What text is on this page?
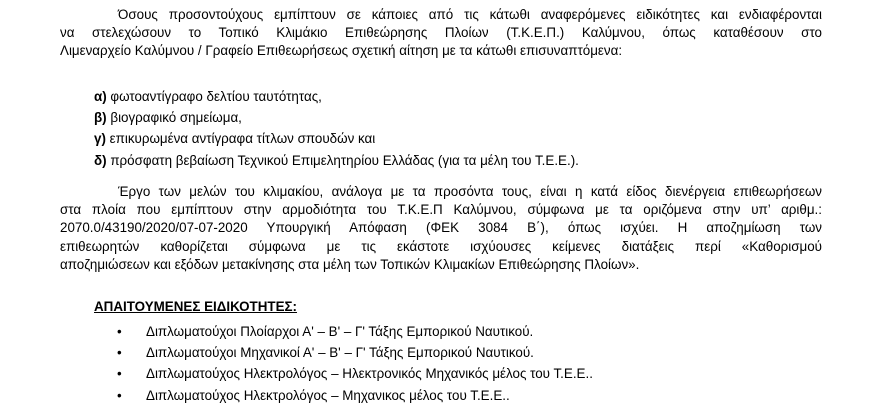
Όσους προσοντούχους εμπίπτουν σε κάποιες από τις κάτωθι αναφερόμενες ειδικότητες και ενδιαφέρονται
να στελεχώσουν το Τοπικό Κλιμάκιο Επιθεώρησης Πλοίων (Τ.Κ.Ε.Π.) Καλύμνου, όπως καταθέσουν στο
Λιμεναρχείο Καλύμνου / Γραφείο Επιθεωρήσεως σχετική αίτηση με τα κάτωθι επισυναπτόμενα:

α) φωτοαντίγραφο δελτίου ταυτότητας,
β) βιογραφικό σημείωμα,
γ) επικυρωμένα αντίγραφα τίτλων σπουδών και
δ) πρόσφατη βεβαίωση Τεχνικού Επιμελητηρίου Ελλάδας (για τα μέλη του Τ.Ε.Ε.).

Έργο των μελών του κλιμακίου, ανάλογα με τα προσόντα τους, είναι η κατά είδος διενέργεια επιθεωρήσεων
στα πλοία που εμπίπτουν στην αρμοδιότητα του Τ.Κ.Ε.Π Καλύμνου, σύμφωνα με τα οριζόμενα στην υπ’ αριθμ.:
2070.0/43190/2020/07-07-2020 Υπουργική Απόφαση (ΦΕΚ 3084 Β΄), όπως ισχύει. Η αποζημίωση των
επιθεωρητών καθορίζεται σύμφωνα με τις εκάστοτε ισχύουσες κείμενες διατάξεις περί «Καθορισμού
αποζημιώσεων και εξόδων μετακίνησης στα μέλη των Τοπικών Κλιμακίων Επιθεώρησης Πλοίων».

ΑΠΑΙΤΟΥΜΕΝΕΣ ΕΙΔΙΚΟΤΗΤΕΣ:

•	Διπλωματούχοι Πλοίαρχοι Α' – Β' – Γ' Τάξης Εμπορικού Ναυτικού.
•	Διπλωματούχοι Μηχανικοί Α' – Β' – Γ' Τάξης Εμπορικού Ναυτικού.
•	Διπλωματούχος Ηλεκτρολόγος – Ηλεκτρονικός Μηχανικός μέλος του Τ.Ε.Ε..
•	Διπλωματούχος Ηλεκτρολόγος – Μηχανικος μέλος του Τ.Ε.Ε..
